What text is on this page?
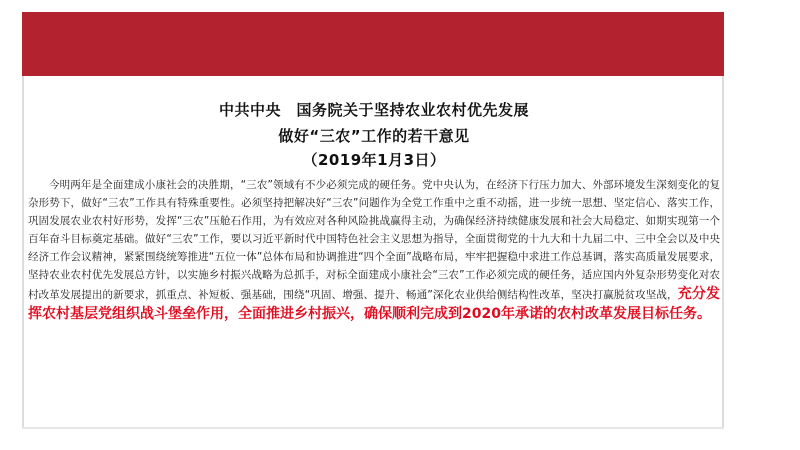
中共中央　国务院关于坚持农业农村优先发展

做好“三农”工作的若干意见

（2019年1月3日）

今明两年是全面建成小康社会的决胜期，“三农”领域有不少必须完成的硬任务。党中央认为，在经济下行压力加大、外部环境发生深刻变化的复杂形势下，做好“三农”工作具有特殊重要性。必须坚持把解决好“三农”问题作为全党工作重中之重不动摇，进一步统一思想、坚定信心、落实工作，巩固发展农业农村好形势，发挥“三农”压舱石作用，为有效应对各种风险挑战赢得主动，为确保经济持续健康发展和社会大局稳定、如期实现第一个百年奋斗目标奠定基础。做好“三农”工作，要以习近平新时代中国特色社会主义思想为指导，全面贯彻党的十九大和十九届二中、三中全会以及中央经济工作会议精神，紧紧围绕统筹推进“五位一体”总体布局和协调推进“四个全面”战略布局，牢牢把握稳中求进工作总基调，落实高质量发展要求，坚持农业农村优先发展总方针，以实施乡村振兴战略为总抓手，对标全面建成小康社会“三农”工作必须完成的硬任务，适应国内外复杂形势变化对农村改革发展提出的新要求，抓重点、补短板、强基础，围绕“巩固、增强、提升、畅通”深化农业供给侧结构性改革，坚决打赢脱贫攻坚战，充分发挥农村基层党组织战斗堡垒作用，全面推进乡村振兴，确保顺利完成到2020年承诺的农村改革发展目标任务。
